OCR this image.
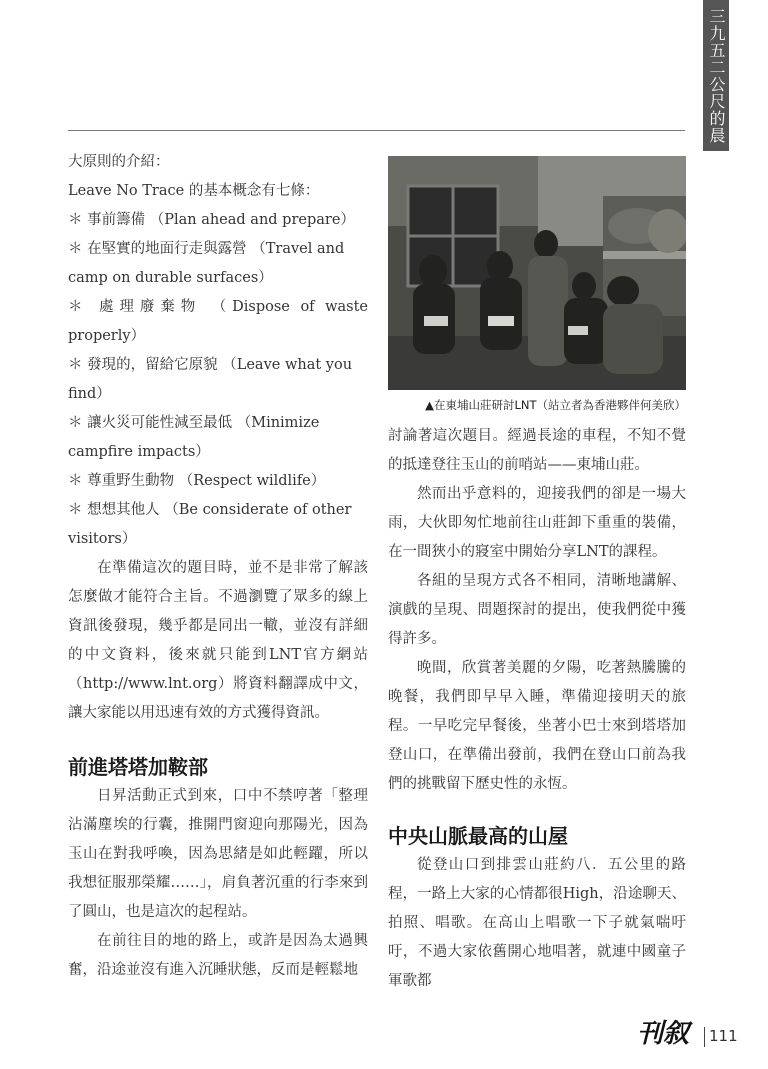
三九五二公尺的晨曦
大原則的介紹：
Leave No Trace 的基本概念有七條：
＊ 事前籌備 （Plan ahead and prepare）
＊ 在堅實的地面行走與露營 （Travel and
camp on durable surfaces）
＊ 處理廢棄物 （Dispose of waste properly）
＊ 發現的，留給它原貌 （Leave what you
find）
＊ 讓火災可能性減至最低 （Minimize
campfire impacts）
＊ 尊重野生動物 （Respect wildlife）
＊ 想想其他人 （Be considerate of other
visitors）

在準備這次的題目時，並不是非常了解該怎麼做才能符合主旨。不過瀏覽了眾多的線上資訊後發現，幾乎都是同出一轍，並沒有詳細的中文資料，後來就只能到LNT官方網站（http://www.lnt.org）將資料翻譯成中文，讓大家能以用迅速有效的方式獲得資訊。

前進塔塔加鞍部

日昇活動正式到來，口中不禁哼著「整理沾滿塵埃的行囊，推開門窗迎向那陽光，因為玉山在對我呼喚，因為思緒是如此輕躍，所以我想征服那榮耀……」，肩負著沉重的行李來到了圓山，也是這次的起程站。

在前往目的地的路上，或許是因為太過興奮，沿途並沒有進入沉睡狀態，反而是輕鬆地

▲在東埔山莊研討LNT（站立者為香港夥伴何美欣）

討論著這次題目。經過長途的車程，不知不覺的抵達登往玉山的前哨站——東埔山莊。

然而出乎意料的，迎接我們的卻是一場大雨，大伙即匆忙地前往山莊卸下重重的裝備，在一間狹小的寢室中開始分享LNT的課程。

各組的呈現方式各不相同，清晰地講解、演戲的呈現、問題探討的提出，使我們從中獲得許多。

晚間，欣賞著美麗的夕陽，吃著熱騰騰的晚餐，我們即早早入睡，準備迎接明天的旅程。一早吃完早餐後，坐著小巴士來到塔塔加登山口，在準備出發前，我們在登山口前為我們的挑戰留下歷史性的永恆。

中央山脈最高的山屋

從登山口到排雲山莊約八．五公里的路程，一路上大家的心情都很High，沿途聊天、拍照、唱歌。在高山上唱歌一下子就氣喘吁吁，不過大家依舊開心地唱著，就連中國童子軍歌都

刊叙 111
